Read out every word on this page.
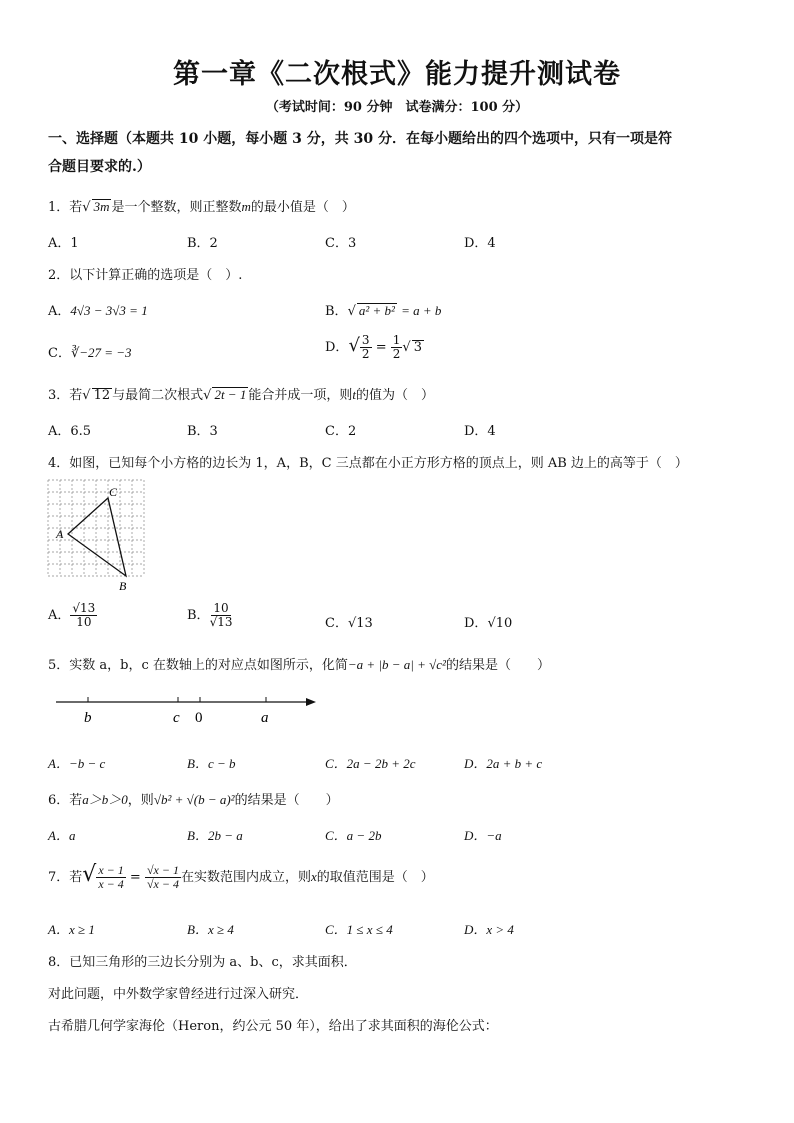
第一章《二次根式》能力提升测试卷
（考试时间：90 分钟　试卷满分：100 分）
一、选择题（本题共 10 小题，每小题 3 分，共 30 分．在每小题给出的四个选项中，只有一项是符
合题目要求的.）
1．若√ 3m 是一个整数，则正整数m的最小值是（　）
A．1	B．2	C．3	D．4
2．以下计算正确的选项是（　）.
A．4√3 − 3√3 = 1	B．√ a² + b² = a + b
C．∛−27 = −3	D．√ $\frac{3}{2} = \frac{1}{2}$ √ 3
3．若√ 12 与最简二次根式√ 2t − 1 能合并成一项，则t的值为（　）
A．6.5	B．3	C．2	D．4
4．如图，已知每个小方格的边长为 1，A，B，C 三点都在小正方形方格的顶点上，则 AB 边上的高等于（　）
A
C
B
A． $\frac{√13}{10}$	B． $\frac{10}{√13}$	C．√13	D．√10
5．实数 a，b，c 在数轴上的对应点如图所示，化简−a + |b − a| + √c²的结果是（　　）
b	c 0	a
A．−b − c	B．c − b	C．2a − 2b + 2c	D．2a + b + c
6．若a＞b＞0，则√b² + √(b − a)²的结果是（　　）
A．a	B．2b − a	C．a − 2b	D．−a
7．若√ $\frac{x - 1}{x - 4} = \frac{√x - 1}{√x - 4}$ 在实数范围内成立，则x的取值范围是（　）
A．x ≥ 1	B．x ≥ 4	C．1 ≤ x ≤ 4	D．x > 4
8．已知三角形的三边长分别为 a、b、c，求其面积．
对此问题，中外数学家曾经进行过深入研究．
古希腊几何学家海伦（Heron，约公元 50 年），给出了求其面积的海伦公式：
